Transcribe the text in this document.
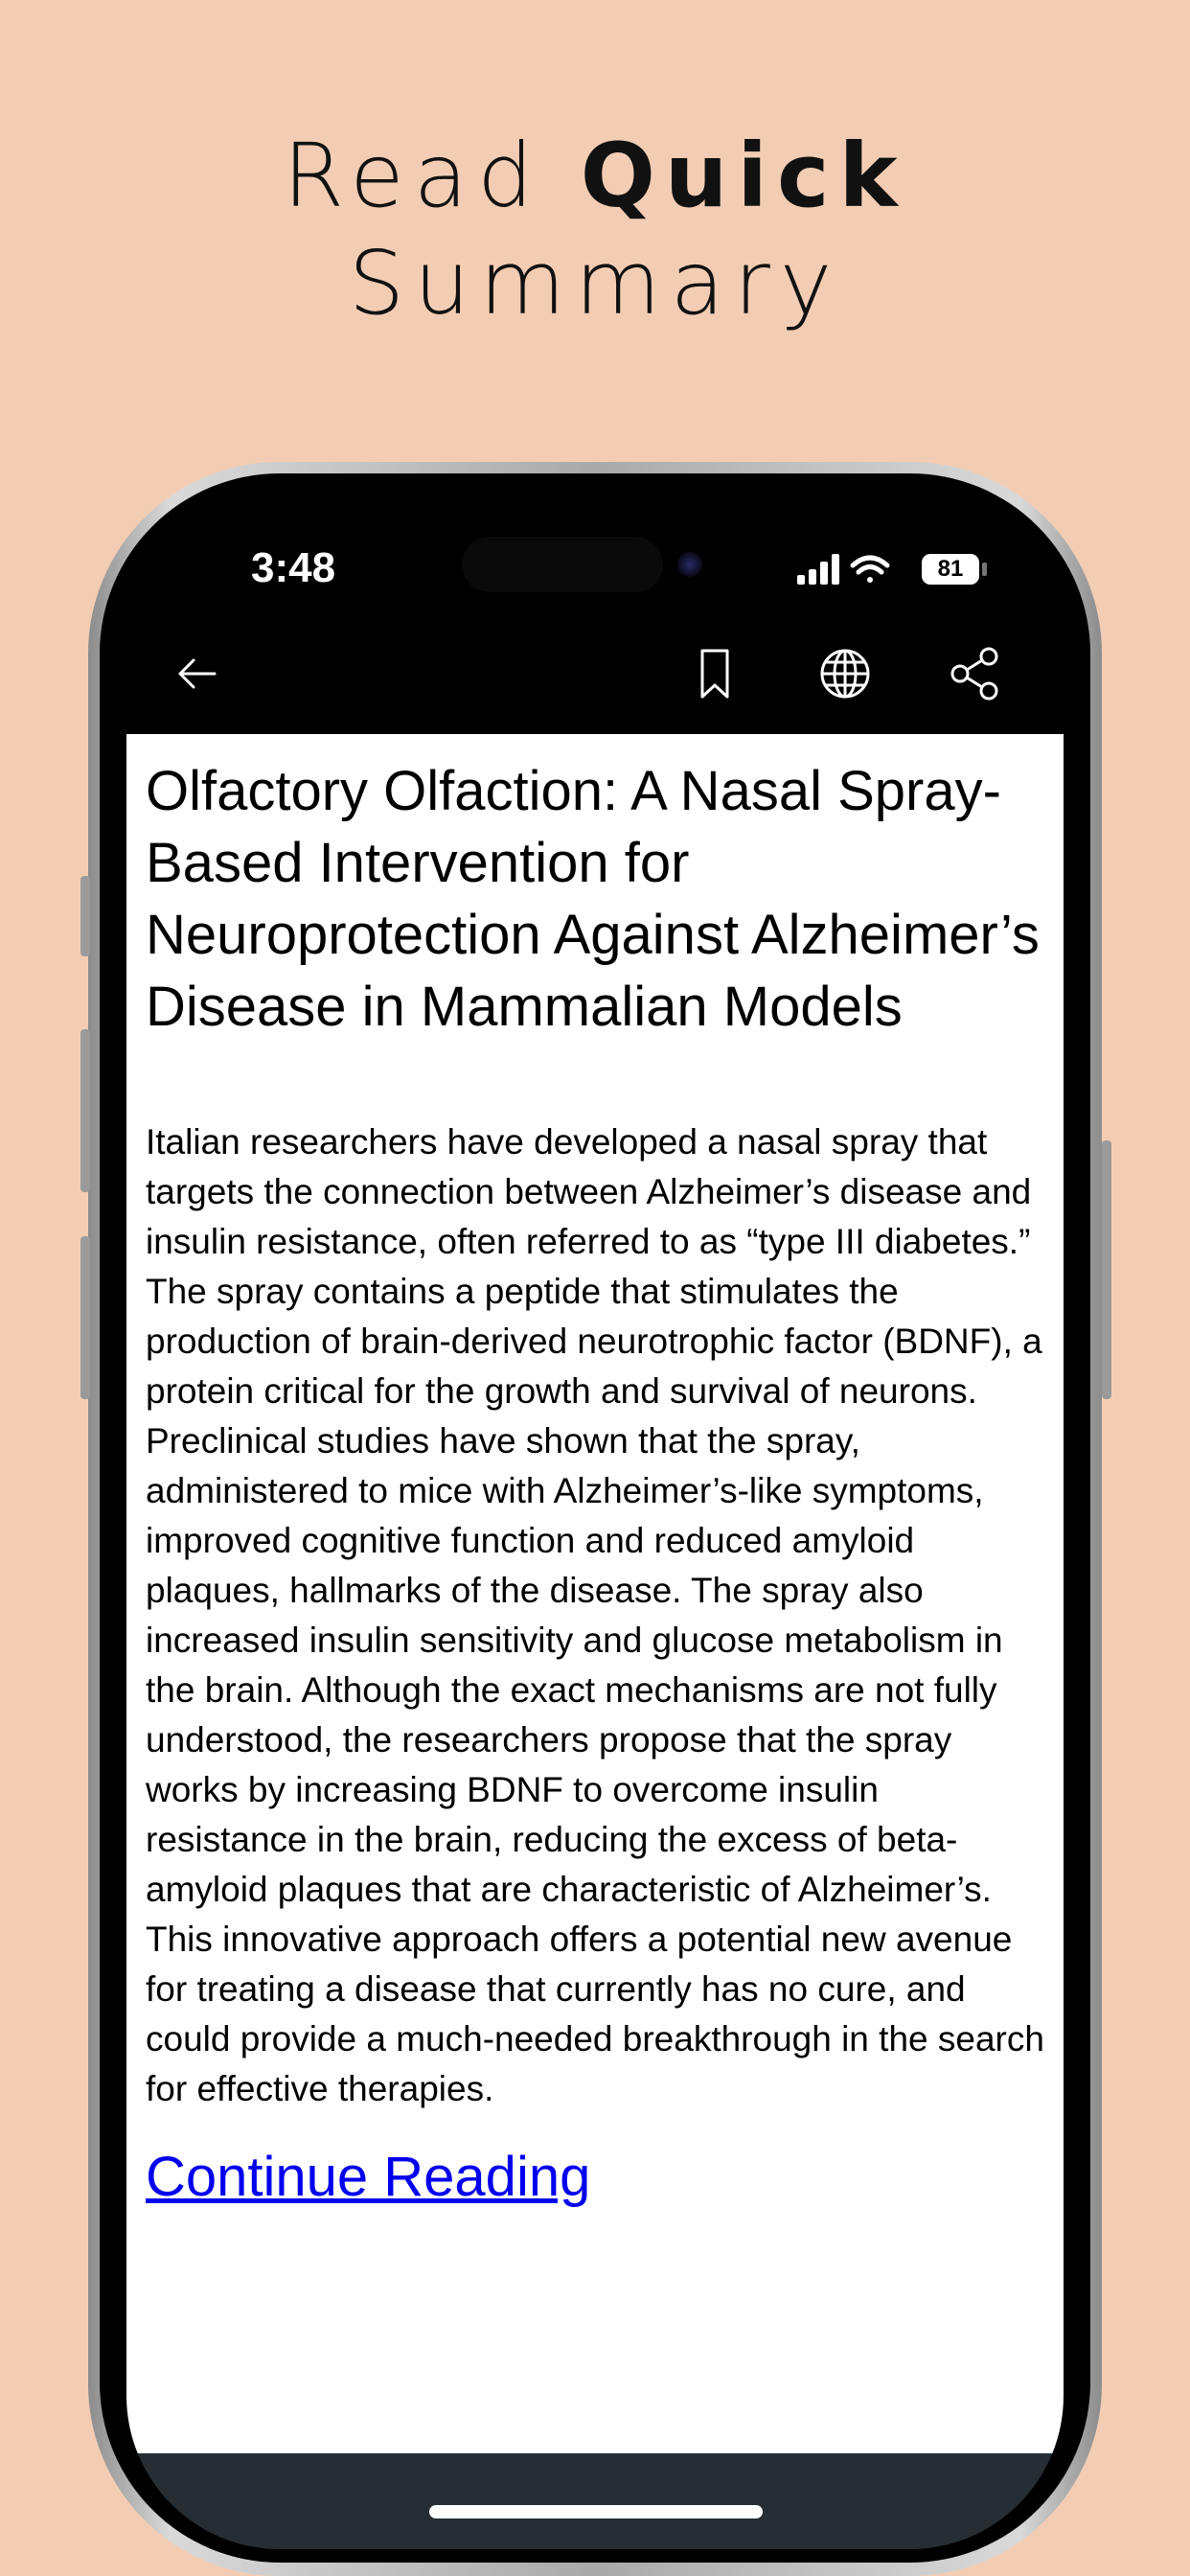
Read Quick
Summary
3:48	81
Olfactory Olfaction: A Nasal Spray-Based Intervention for Neuroprotection Against Alzheimer’s Disease in Mammalian Models

Italian researchers have developed a nasal spray that targets the connection between Alzheimer’s disease and insulin resistance, often referred to as “type III diabetes.” The spray contains a peptide that stimulates the production of brain-derived neurotrophic factor (BDNF), a protein critical for the growth and survival of neurons. Preclinical studies have shown that the spray, administered to mice with Alzheimer’s-like symptoms, improved cognitive function and reduced amyloid plaques, hallmarks of the disease. The spray also increased insulin sensitivity and glucose metabolism in the brain. Although the exact mechanisms are not fully understood, the researchers propose that the spray works by increasing BDNF to overcome insulin resistance in the brain, reducing the excess of beta-amyloid plaques that are characteristic of Alzheimer’s. This innovative approach offers a potential new avenue for treating a disease that currently has no cure, and could provide a much-needed breakthrough in the search for effective therapies.

Continue Reading
